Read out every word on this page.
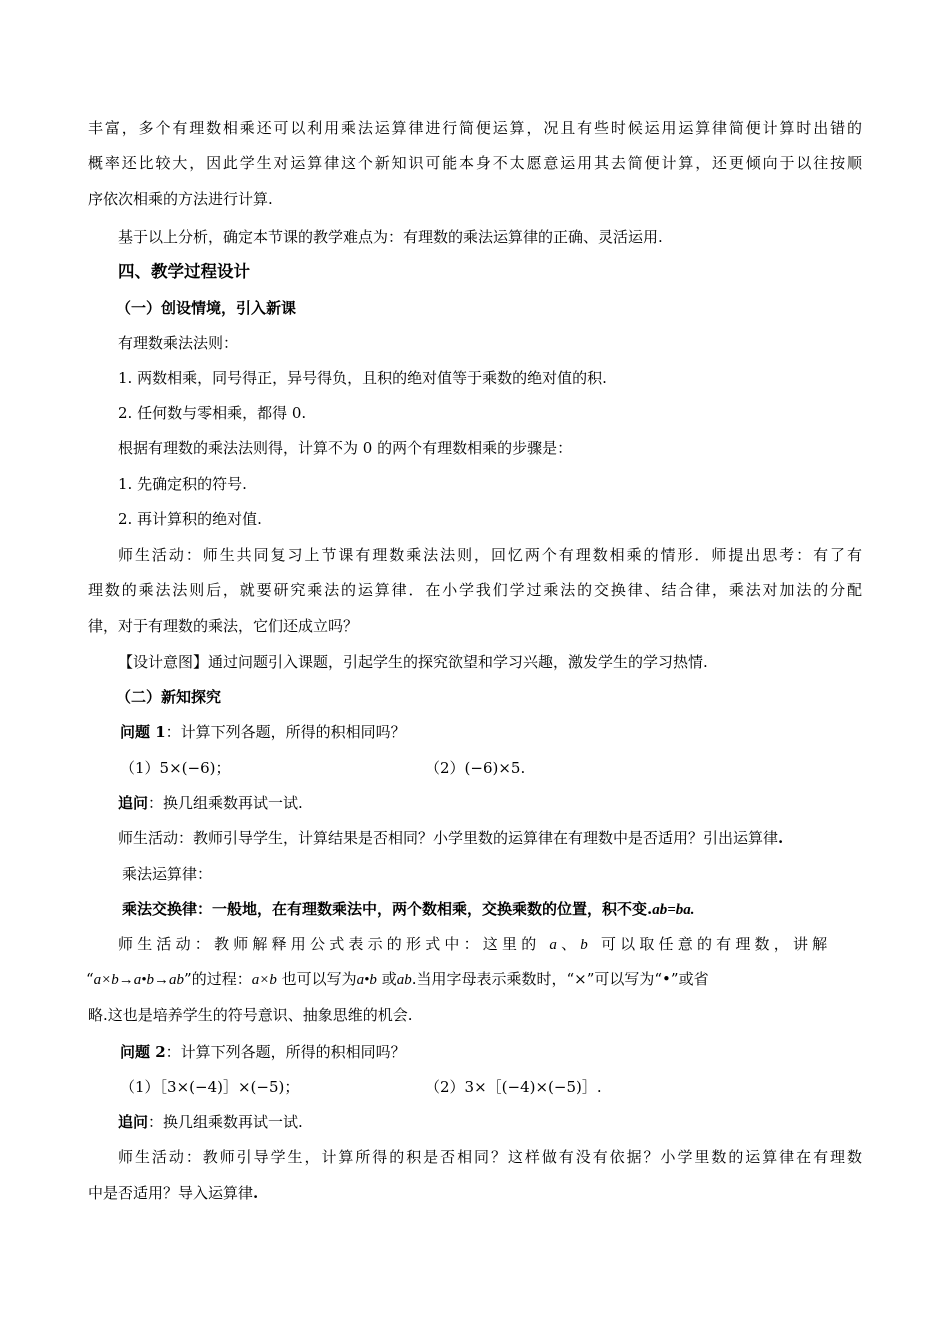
丰富，多个有理数相乘还可以利用乘法运算律进行简便运算，况且有些时候运用运算律简便计算时出错的
概率还比较大，因此学生对运算律这个新知识可能本身不太愿意运用其去简便计算，还更倾向于以往按顺
序依次相乘的方法进行计算.
基于以上分析，确定本节课的教学难点为：有理数的乘法运算律的正确、灵活运用.
四、教学过程设计
（一）创设情境，引入新课
有理数乘法法则：
1. 两数相乘，同号得正，异号得负，且积的绝对值等于乘数的绝对值的积.
2. 任何数与零相乘，都得 0.
根据有理数的乘法法则得，计算不为 0 的两个有理数相乘的步骤是：
1. 先确定积的符号.
2. 再计算积的绝对值.
师生活动：师生共同复习上节课有理数乘法法则，回忆两个有理数相乘的情形．师提出思考：有了有
理数的乘法法则后，就要研究乘法的运算律．在小学我们学过乘法的交换律、结合律，乘法对加法的分配
律，对于有理数的乘法，它们还成立吗？
【设计意图】通过问题引入课题，引起学生的探究欲望和学习兴趣，激发学生的学习热情.
（二）新知探究
问题 1：计算下列各题，所得的积相同吗？
（1）5×(−6)；	（2）(−6)×5.
追问：换几组乘数再试一试.
师生活动：教师引导学生，计算结果是否相同？小学里数的运算律在有理数中是否适用？引出运算律.
乘法运算律：
乘法交换律：一般地，在有理数乘法中，两个数相乘，交换乘数的位置，积不变.ab=ba.
师生活动：教师解释用公式表示的形式中：这里的 a、b 可以取任意的有理数，讲解
“a×b→a•b→ab”的过程：a×b 也可以写为a•b 或ab.当用字母表示乘数时，“×”可以写为“•”或省
略.这也是培养学生的符号意识、抽象思维的机会.
问题 2：计算下列各题，所得的积相同吗？
（1）［3×(−4)］×(−5)；	（2）3×［(−4)×(−5)］.
追问：换几组乘数再试一试.
师生活动：教师引导学生，计算所得的积是否相同？这样做有没有依据？小学里数的运算律在有理数
中是否适用？导入运算律.
